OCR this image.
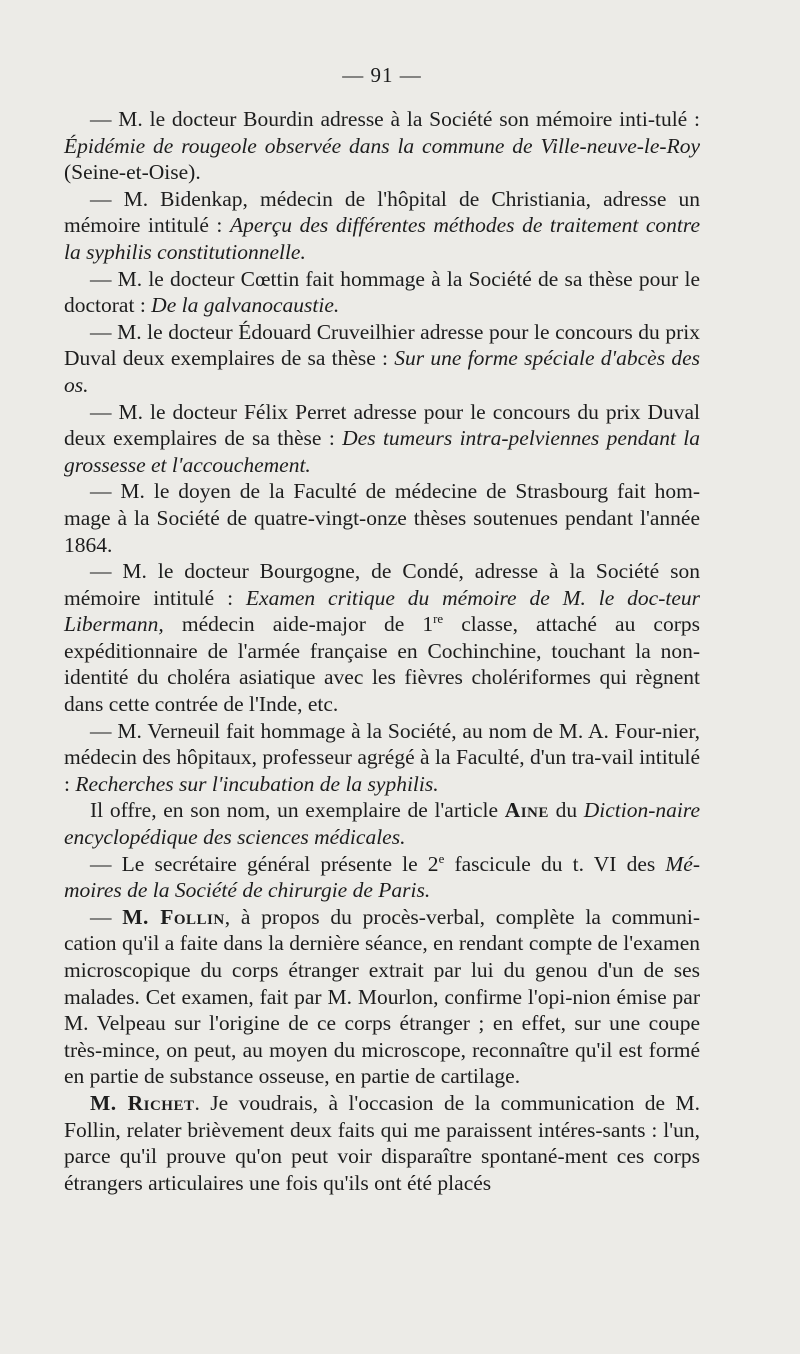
— 91 —

— M. le docteur Bourdin adresse à la Société son mémoire inti-tulé : Épidémie de rougeole observée dans la commune de Ville-neuve-le-Roy (Seine-et-Oise).

— M. Bidenkap, médecin de l'hôpital de Christiania, adresse un mémoire intitulé : Aperçu des différentes méthodes de traitement contre la syphilis constitutionnelle.

— M. le docteur Cœttin fait hommage à la Société de sa thèse pour le doctorat : De la galvanocaustie.

— M. le docteur Édouard Cruveilhier adresse pour le concours du prix Duval deux exemplaires de sa thèse : Sur une forme spéciale d'abcès des os.

— M. le docteur Félix Perret adresse pour le concours du prix Duval deux exemplaires de sa thèse : Des tumeurs intra-pelviennes pendant la grossesse et l'accouchement.

— M. le doyen de la Faculté de médecine de Strasbourg fait hom-mage à la Société de quatre-vingt-onze thèses soutenues pendant l'année 1864.

— M. le docteur Bourgogne, de Condé, adresse à la Société son mémoire intitulé : Examen critique du mémoire de M. le doc-teur Libermann, médecin aide-major de 1re classe, attaché au corps expéditionnaire de l'armée française en Cochinchine, touchant la non-identité du choléra asiatique avec les fièvres cholériformes qui règnent dans cette contrée de l'Inde, etc.

— M. Verneuil fait hommage à la Société, au nom de M. A. Four-nier, médecin des hôpitaux, professeur agrégé à la Faculté, d'un tra-vail intitulé : Recherches sur l'incubation de la syphilis.

Il offre, en son nom, un exemplaire de l'article Aine du Diction-naire encyclopédique des sciences médicales.

— Le secrétaire général présente le 2e fascicule du t. VI des Mé-moires de la Société de chirurgie de Paris.

— M. Follin, à propos du procès-verbal, complète la communi-cation qu'il a faite dans la dernière séance, en rendant compte de l'examen microscopique du corps étranger extrait par lui du genou d'un de ses malades. Cet examen, fait par M. Mourlon, confirme l'opi-nion émise par M. Velpeau sur l'origine de ce corps étranger ; en effet, sur une coupe très-mince, on peut, au moyen du microscope, reconnaître qu'il est formé en partie de substance osseuse, en partie de cartilage.

M. Richet. Je voudrais, à l'occasion de la communication de M. Follin, relater brièvement deux faits qui me paraissent intéres-sants : l'un, parce qu'il prouve qu'on peut voir disparaître spontané-ment ces corps étrangers articulaires une fois qu'ils ont été placés
